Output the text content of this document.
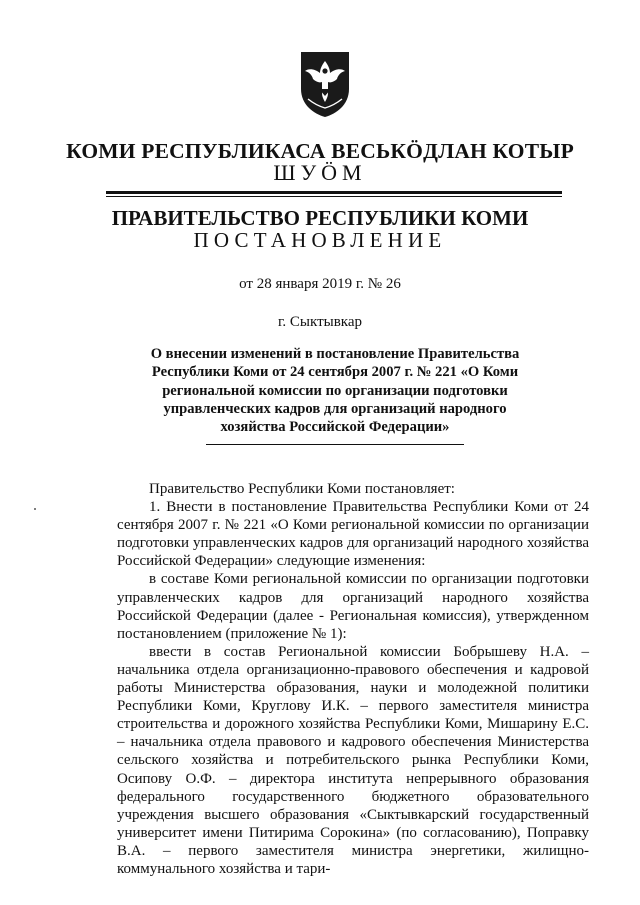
КОМИ РЕСПУБЛИКАСА ВЕСЬКӦДЛАН КОТЫР
ШУÖМ
ПРАВИТЕЛЬСТВО РЕСПУБЛИКИ КОМИ
ПОСТАНОВЛЕНИЕ
от 28 января 2019 г. № 26
г. Сыктывкар
О внесении изменений в постановление Правительства Республики Коми от 24 сентября 2007 г. № 221 «О Коми региональной комиссии по организации подготовки управленческих кадров для организаций народного хозяйства Российской Федерации»

Правительство Республики Коми постановляет:

1. Внести в постановление Правительства Республики Коми от 24 сентября 2007 г. № 221 «О Коми региональной комиссии по организации подготовки управленческих кадров для организаций народного хозяйства Российской Федерации» следующие изменения:

в составе Коми региональной комиссии по организации подготовки управленческих кадров для организаций народного хозяйства Российской Федерации (далее - Региональная комиссия), утвержденном постановлением (приложение № 1):

ввести в состав Региональной комиссии Бобрышеву Н.А. – начальника отдела организационно-правового обеспечения и кадровой работы Министерства образования, науки и молодежной политики Республики Коми, Круглову И.К. – первого заместителя министра строительства и дорожного хозяйства Республики Коми, Мишарину Е.С. – начальника отдела правового и кадрового обеспечения Министерства сельского хозяйства и потребительского рынка Республики Коми, Осипову О.Ф. – директора института непрерывного образования федерального государственного бюджетного образовательного учреждения высшего образования «Сыктывкарский государственный университет имени Питирима Сорокина» (по согласованию), Поправку В.А. – первого заместителя министра энергетики, жилищно-коммунального хозяйства и тари-
